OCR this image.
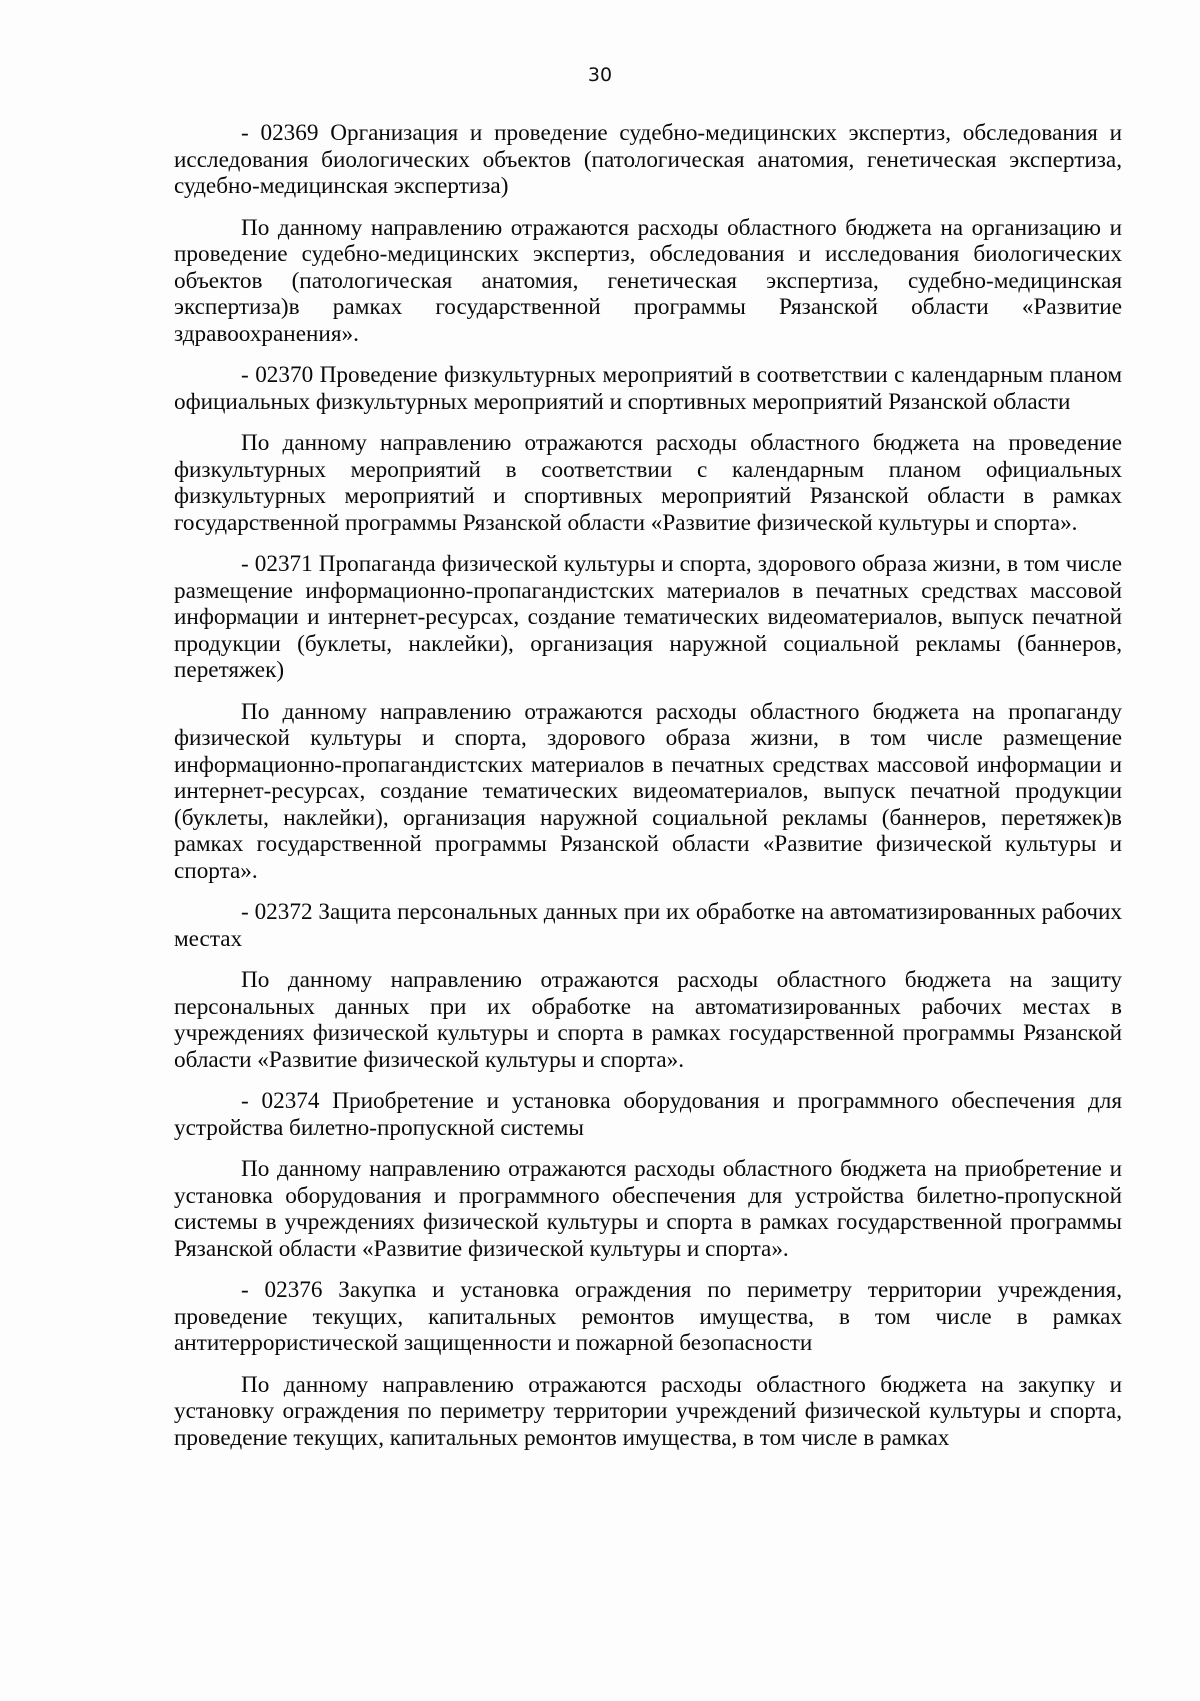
30

- 02369 Организация и проведение судебно-медицинских экспертиз, обследования и исследования биологических объектов (патологическая анатомия, генетическая экспертиза, судебно-медицинская экспертиза)

По данному направлению отражаются расходы областного бюджета на организацию и проведение судебно-медицинских экспертиз, обследования и исследования биологических объектов (патологическая анатомия, генетическая экспертиза, судебно-медицинская экспертиза)в рамках государственной программы Рязанской области «Развитие здравоохранения».

- 02370 Проведение физкультурных мероприятий в соответствии с календарным планом официальных физкультурных мероприятий и спортивных мероприятий Рязанской области

По данному направлению отражаются расходы областного бюджета на проведение физкультурных мероприятий в соответствии с календарным планом официальных физкультурных мероприятий и спортивных мероприятий Рязанской области в рамках государственной программы Рязанской области «Развитие физической культуры и спорта».

- 02371 Пропаганда физической культуры и спорта, здорового образа жизни, в том числе размещение информационно-пропагандистских материалов в печатных средствах массовой информации и интернет-ресурсах, создание тематических видеоматериалов, выпуск печатной продукции (буклеты, наклейки), организация наружной социальной рекламы (баннеров, перетяжек)

По данному направлению отражаются расходы областного бюджета на пропаганду физической культуры и спорта, здорового образа жизни, в том числе размещение информационно-пропагандистских материалов в печатных средствах массовой информации и интернет-ресурсах, создание тематических видеоматериалов, выпуск печатной продукции (буклеты, наклейки), организация наружной социальной рекламы (баннеров, перетяжек)в рамках государственной программы Рязанской области «Развитие физической культуры и спорта».

- 02372 Защита персональных данных при их обработке на автоматизированных рабочих местах

По данному направлению отражаются расходы областного бюджета на защиту персональных данных при их обработке на автоматизированных рабочих местах в учреждениях физической культуры и спорта в рамках государственной программы Рязанской области «Развитие физической культуры и спорта».

- 02374 Приобретение и установка оборудования и программного обеспечения для устройства билетно-пропускной системы

По данному направлению отражаются расходы областного бюджета на приобретение и установка оборудования и программного обеспечения для устройства билетно-пропускной системы в учреждениях физической культуры и спорта в рамках государственной программы Рязанской области «Развитие физической культуры и спорта».

- 02376 Закупка и установка ограждения по периметру территории учреждения, проведение текущих, капитальных ремонтов имущества, в том числе в рамках антитеррористической защищенности и пожарной безопасности

По данному направлению отражаются расходы областного бюджета на закупку и установку ограждения по периметру территории учреждений физической культуры и спорта, проведение текущих, капитальных ремонтов имущества, в том числе в рамках
